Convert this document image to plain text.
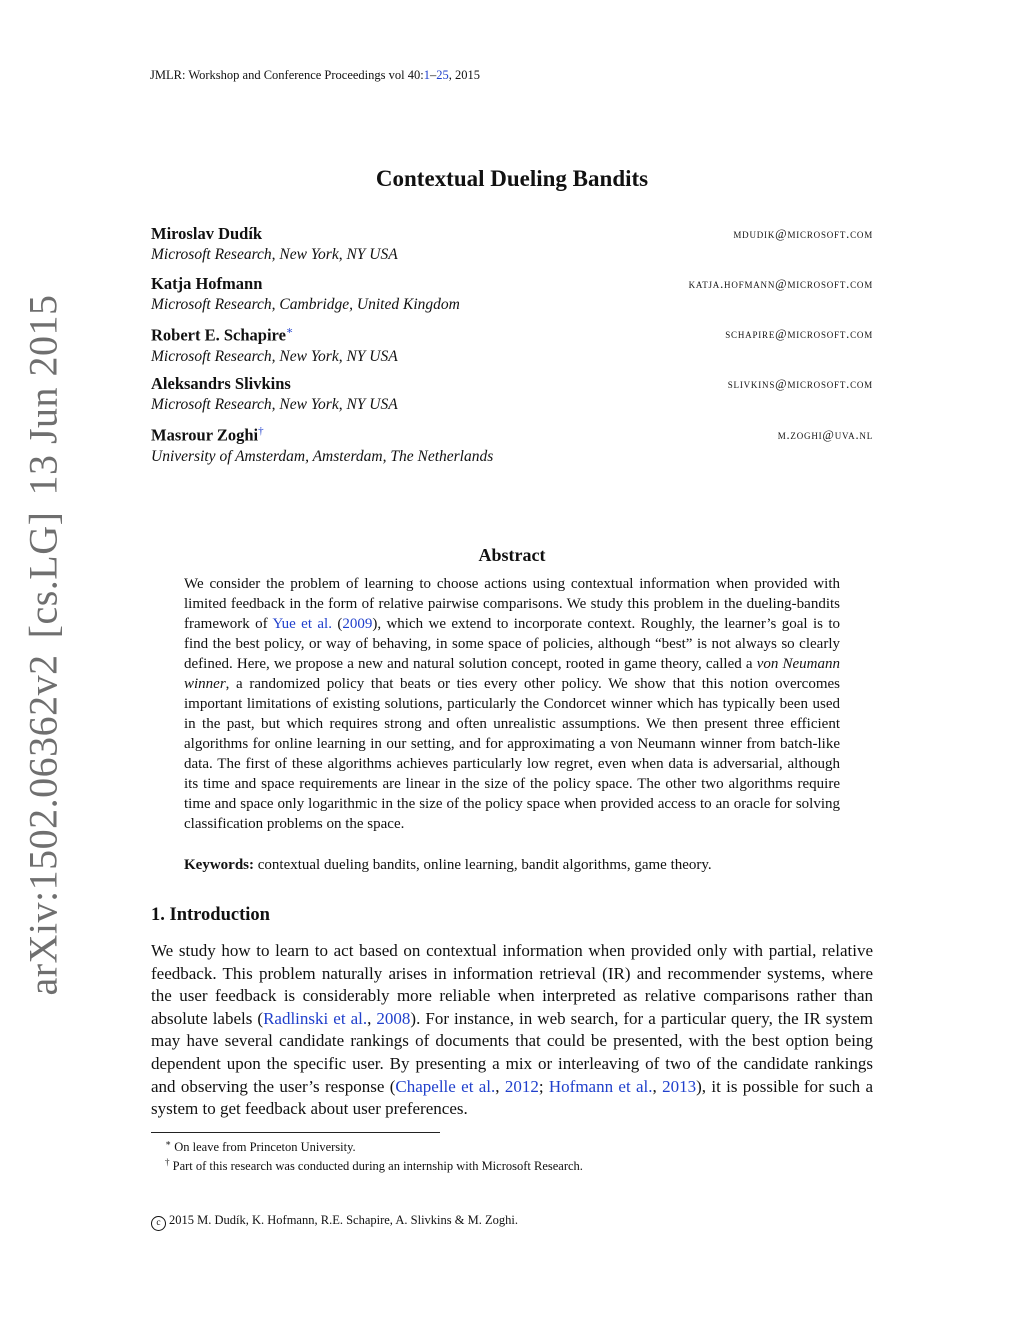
arXiv:1502.06362v2[cs.LG]13 Jun 2015
JMLR: Workshop and Conference Proceedings vol 40:1–25, 2015
Contextual Dueling Bandits
Miroslav Dudík	mdudik@microsoft.com
Microsoft Research, New York, NY USA
Katja Hofmann	katja.hofmann@microsoft.com
Microsoft Research, Cambridge, United Kingdom
Robert E. Schapire∗	schapire@microsoft.com
Microsoft Research, New York, NY USA
Aleksandrs Slivkins	slivkins@microsoft.com
Microsoft Research, New York, NY USA
Masrour Zoghi†	m.zoghi@uva.nl
University of Amsterdam, Amsterdam, The Netherlands
Abstract
We consider the problem of learning to choose actions using contextual information when provided with limited feedback in the form of relative pairwise comparisons. We study this problem in the dueling-bandits framework of Yue et al. (2009), which we extend to incorporate context. Roughly, the learner’s goal is to find the best policy, or way of behaving, in some space of policies, although “best” is not always so clearly defined. Here, we propose a new and natural solution concept, rooted in game theory, called a von Neumann winner, a randomized policy that beats or ties every other policy. We show that this notion overcomes important limitations of existing solutions, particularly the Condorcet winner which has typically been used in the past, but which requires strong and often unrealistic assumptions. We then present three efficient algorithms for online learning in our setting, and for approximating a von Neumann winner from batch-like data. The first of these algorithms achieves particularly low regret, even when data is adversarial, although its time and space requirements are linear in the size of the policy space. The other two algorithms require time and space only logarithmic in the size of the policy space when provided access to an oracle for solving classification problems on the space.
Keywords: contextual dueling bandits, online learning, bandit algorithms, game theory.
1. Introduction
We study how to learn to act based on contextual information when provided only with partial, relative feedback. This problem naturally arises in information retrieval (IR) and recommender systems, where the user feedback is considerably more reliable when interpreted as relative comparisons rather than absolute labels (Radlinski et al., 2008). For instance, in web search, for a particular query, the IR system may have several candidate rankings of documents that could be presented, with the best option being dependent upon the specific user. By presenting a mix or interleaving of two of the candidate rankings and observing the user’s response (Chapelle et al., 2012; Hofmann et al., 2013), it is possible for such a system to get feedback about user preferences.
∗ On leave from Princeton University.
† Part of this research was conducted during an internship with Microsoft Research.
c 2015 M. Dudík, K. Hofmann, R.E. Schapire, A. Slivkins & M. Zoghi.
